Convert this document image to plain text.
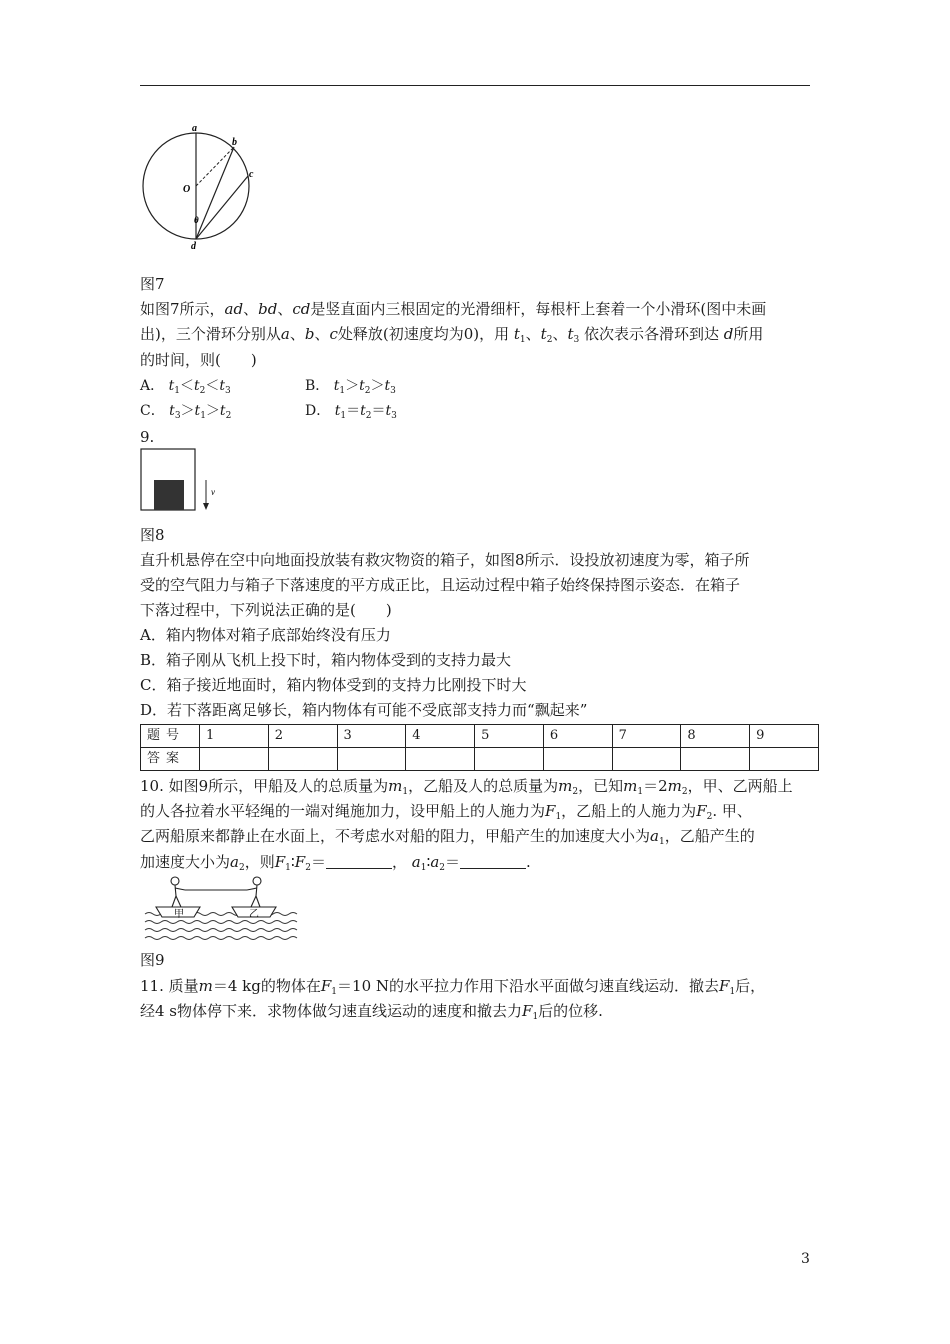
a
b
c
O
θ
d
图7
如图7所示，ad、bd、cd是竖直面内三根固定的光滑细杆，每根杆上套着一个小滑环(图中未画
出)，三个滑环分别从a、b、c处释放(初速度均为0)，用 $t_1$、$t_2$、$t_3$ 依次表示各滑环到达 d所用
的时间，则(　　)
A． $t_1<t_2<t_3$	B． $t_1>t_2>t_3$
C． $t_3>t_1>t_2$	D． $t_1=t_2=t_3$
9.
v
图8
直升机悬停在空中向地面投放装有救灾物资的箱子，如图8所示．设投放初速度为零，箱子所
受的空气阻力与箱子下落速度的平方成正比，且运动过程中箱子始终保持图示姿态．在箱子
下落过程中，下列说法正确的是(　　)
A．箱内物体对箱子底部始终没有压力
B．箱子刚从飞机上投下时，箱内物体受到的支持力最大
C．箱子接近地面时，箱内物体受到的支持力比刚投下时大
D．若下落距离足够长，箱内物体有可能不受底部支持力而“飘起来”
题号	1	2	3	4	5	6	7	8	9
答案									
10. 如图9所示，甲船及人的总质量为$m_1$，乙船及人的总质量为$m_2$，已知$m_1=2m_2$，甲、乙两船上
的人各拉着水平轻绳的一端对绳施加力，设甲船上的人施力为$F_1$，乙船上的人施力为$F_2$. 甲、
乙两船原来都静止在水面上，不考虑水对船的阻力，甲船产生的加速度大小为$a_1$，乙船产生的
加速度大小为$a_2$，则$F_1∶F_2=$	， $a_1∶a_2=$	.
甲	乙
图9
11. 质量m＝4 kg的物体在$F_1=10$ N的水平拉力作用下沿水平面做匀速直线运动．撤去$F_1$后，
经4 s物体停下来．求物体做匀速直线运动的速度和撤去力$F_1$后的位移.
3
